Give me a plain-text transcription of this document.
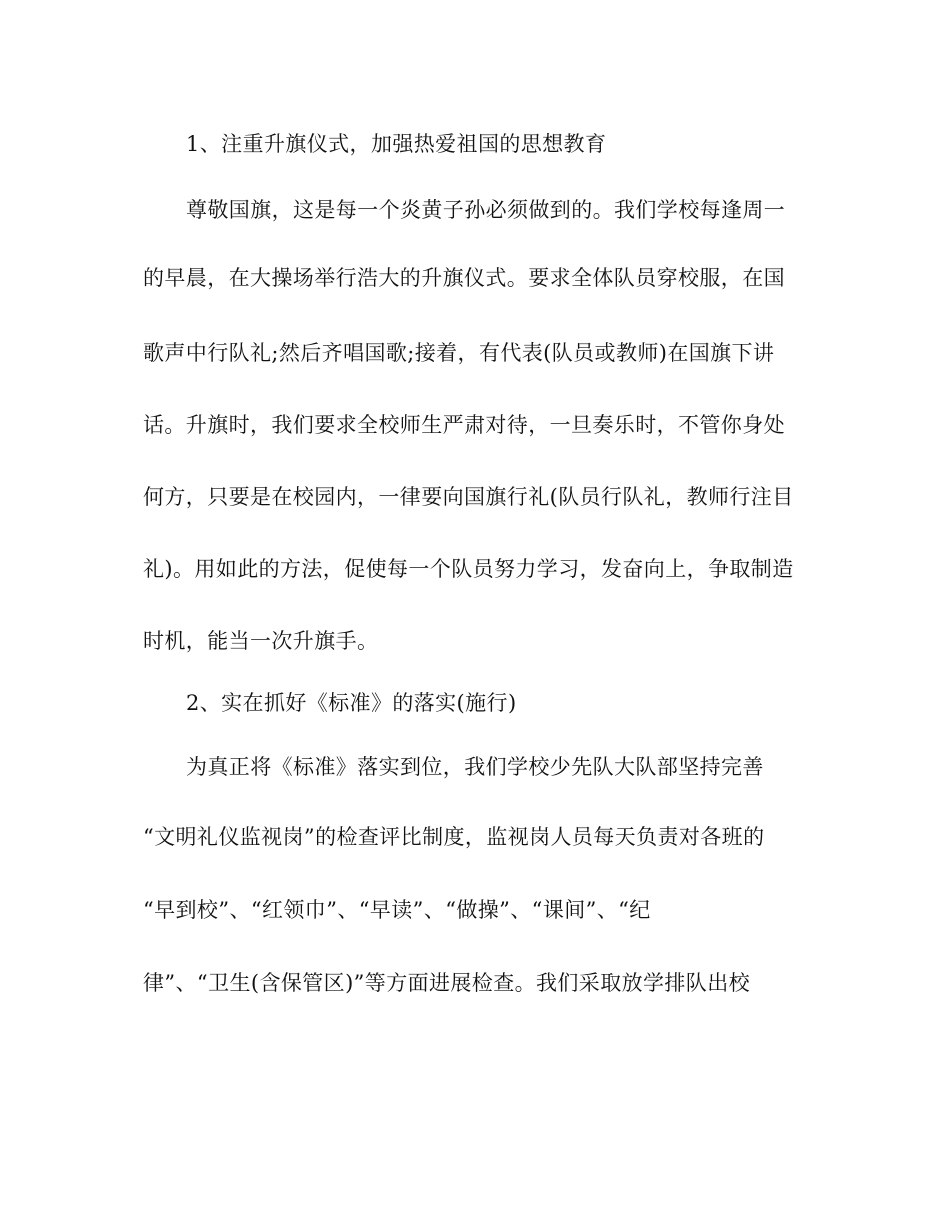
1、注重升旗仪式，加强热爱祖国的思想教育
尊敬国旗，这是每一个炎黄子孙必须做到的。我们学校每逢周一
的早晨，在大操场举行浩大的升旗仪式。要求全体队员穿校服，在国
歌声中行队礼;然后齐唱国歌;接着，有代表(队员或教师)在国旗下讲
话。升旗时，我们要求全校师生严肃对待，一旦奏乐时，不管你身处
何方，只要是在校园内，一律要向国旗行礼(队员行队礼，教师行注目
礼)。用如此的方法，促使每一个队员努力学习，发奋向上，争取制造
时机，能当一次升旗手。
2、实在抓好《标准》的落实(施行)
为真正将《标准》落实到位，我们学校少先队大队部坚持完善
“文明礼仪监视岗”的检查评比制度，监视岗人员每天负责对各班的
“早到校”、“红领巾”、“早读”、“做操”、“课间”、“纪
律”、“卫生(含保管区)”等方面进展检查。我们采取放学排队出校
